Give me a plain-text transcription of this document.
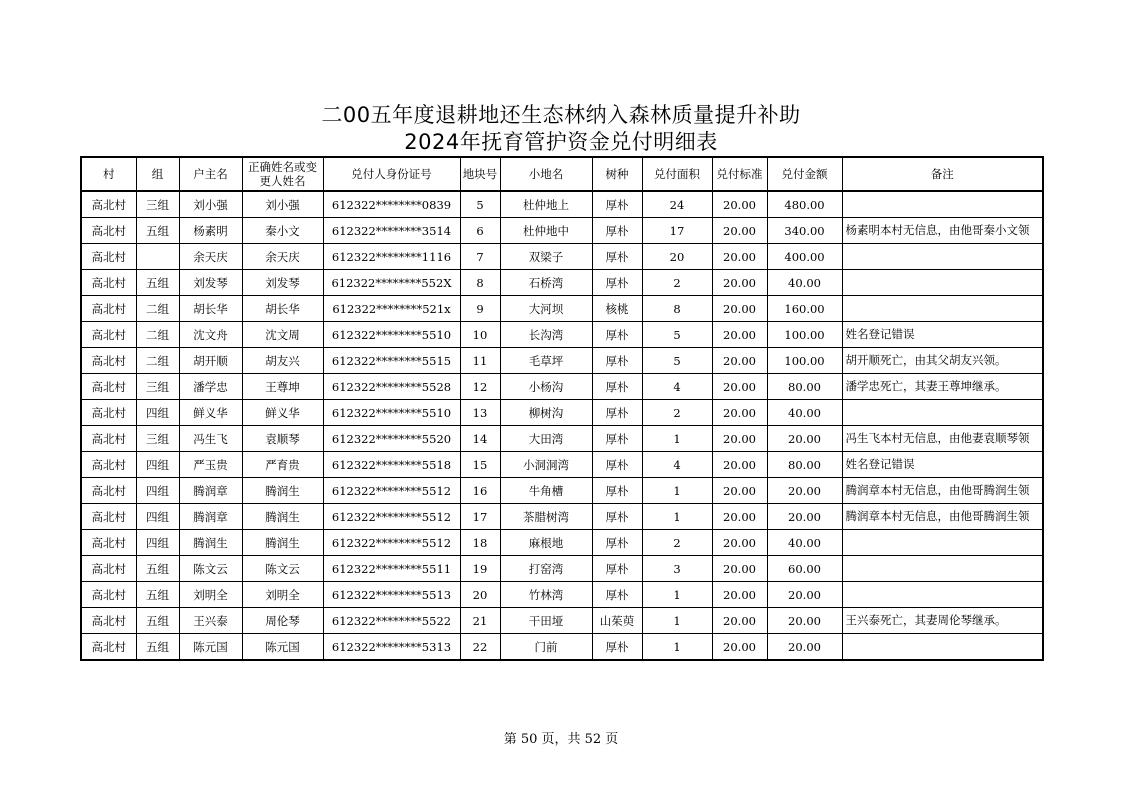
二00五年度退耕地还生态林纳入森林质量提升补助
2024年抚育管护资金兑付明细表
村	组	户主名	正确姓名或变更人姓名	兑付人身份证号	地块号	小地名	树种	兑付面积	兑付标准	兑付金额	备注
高北村	三组	刘小强	刘小强	612322********0839	5	杜仲地上	厚朴	24	20.00	480.00	
高北村	五组	杨素明	秦小文	612322********3514	6	杜仲地中	厚朴	17	20.00	340.00	杨素明本村无信息，由他哥秦小文领
高北村		余天庆	余天庆	612322********1116	7	双梁子	厚朴	20	20.00	400.00	
高北村	五组	刘发琴	刘发琴	612322********552X	8	石桥湾	厚朴	2	20.00	40.00	
高北村	二组	胡长华	胡长华	612322********521x	9	大河坝	核桃	8	20.00	160.00	
高北村	二组	沈文舟	沈文周	612322********5510	10	长沟湾	厚朴	5	20.00	100.00	姓名登记错误
高北村	二组	胡开顺	胡友兴	612322********5515	11	毛草坪	厚朴	5	20.00	100.00	胡开顺死亡，由其父胡友兴领。
高北村	三组	潘学忠	王尊坤	612322********5528	12	小杨沟	厚朴	4	20.00	80.00	潘学忠死亡，其妻王尊坤继承。
高北村	四组	鲜义华	鲜义华	612322********5510	13	柳树沟	厚朴	2	20.00	40.00	
高北村	三组	冯生飞	袁顺琴	612322********5520	14	大田湾	厚朴	1	20.00	20.00	冯生飞本村无信息，由他妻袁顺琴领
高北村	四组	严玉贵	严育贵	612322********5518	15	小洞洞湾	厚朴	4	20.00	80.00	姓名登记错误
高北村	四组	腾润章	腾润生	612322********5512	16	牛角槽	厚朴	1	20.00	20.00	腾润章本村无信息，由他哥腾润生领
高北村	四组	腾润章	腾润生	612322********5512	17	茶腊树湾	厚朴	1	20.00	20.00	腾润章本村无信息，由他哥腾润生领
高北村	四组	腾润生	腾润生	612322********5512	18	麻根地	厚朴	2	20.00	40.00	
高北村	五组	陈文云	陈文云	612322********5511	19	打窑湾	厚朴	3	20.00	60.00	
高北村	五组	刘明全	刘明全	612322********5513	20	竹林湾	厚朴	1	20.00	20.00	
高北村	五组	王兴泰	周伦琴	612322********5522	21	干田垭	山茱萸	1	20.00	20.00	王兴泰死亡，其妻周伦琴继承。
高北村	五组	陈元国	陈元国	612322********5313	22	门前	厚朴	1	20.00	20.00	
第 50 页，共 52 页
